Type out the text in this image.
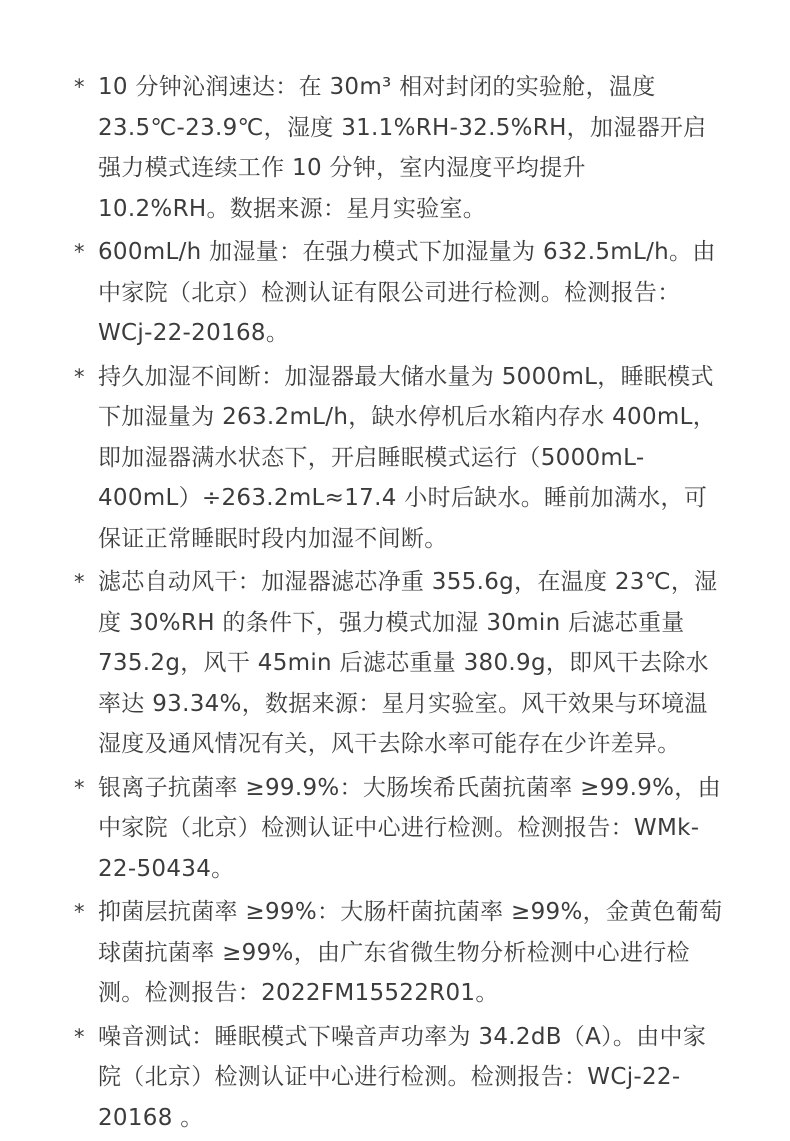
* 10 分钟沁润速达：在 30m³ 相对封闭的实验舱，温度 23.5℃-23.9℃，湿度 31.1%RH-32.5%RH，加湿器开启强力模式连续工作 10 分钟，室内湿度平均提升 10.2%RH。数据来源：星月实验室。
* 600mL/h 加湿量：在强力模式下加湿量为 632.5mL/h。由中家院（北京）检测认证有限公司进行检测。检测报告：WCj-22-20168。
* 持久加湿不间断：加湿器最大储水量为 5000mL，睡眠模式下加湿量为 263.2mL/h，缺水停机后水箱内存水 400mL，即加湿器满水状态下，开启睡眠模式运行（5000mL-400mL）÷263.2mL≈17.4 小时后缺水。睡前加满水，可保证正常睡眠时段内加湿不间断。
* 滤芯自动风干：加湿器滤芯净重 355.6g，在温度 23℃，湿度 30%RH 的条件下，强力模式加湿 30min 后滤芯重量 735.2g，风干 45min 后滤芯重量 380.9g，即风干去除水率达 93.34%，数据来源：星月实验室。风干效果与环境温湿度及通风情况有关，风干去除水率可能存在少许差异。
* 银离子抗菌率 ≥99.9%：大肠埃希氏菌抗菌率 ≥99.9%，由中家院（北京）检测认证中心进行检测。检测报告：WMk-22-50434。
* 抑菌层抗菌率 ≥99%：大肠杆菌抗菌率 ≥99%，金黄色葡萄球菌抗菌率 ≥99%，由广东省微生物分析检测中心进行检测。检测报告：2022FM15522R01。
* 噪音测试：睡眠模式下噪音声功率为 34.2dB（A）。由中家院（北京）检测认证中心进行检测。检测报告：WCj-22-20168 。
